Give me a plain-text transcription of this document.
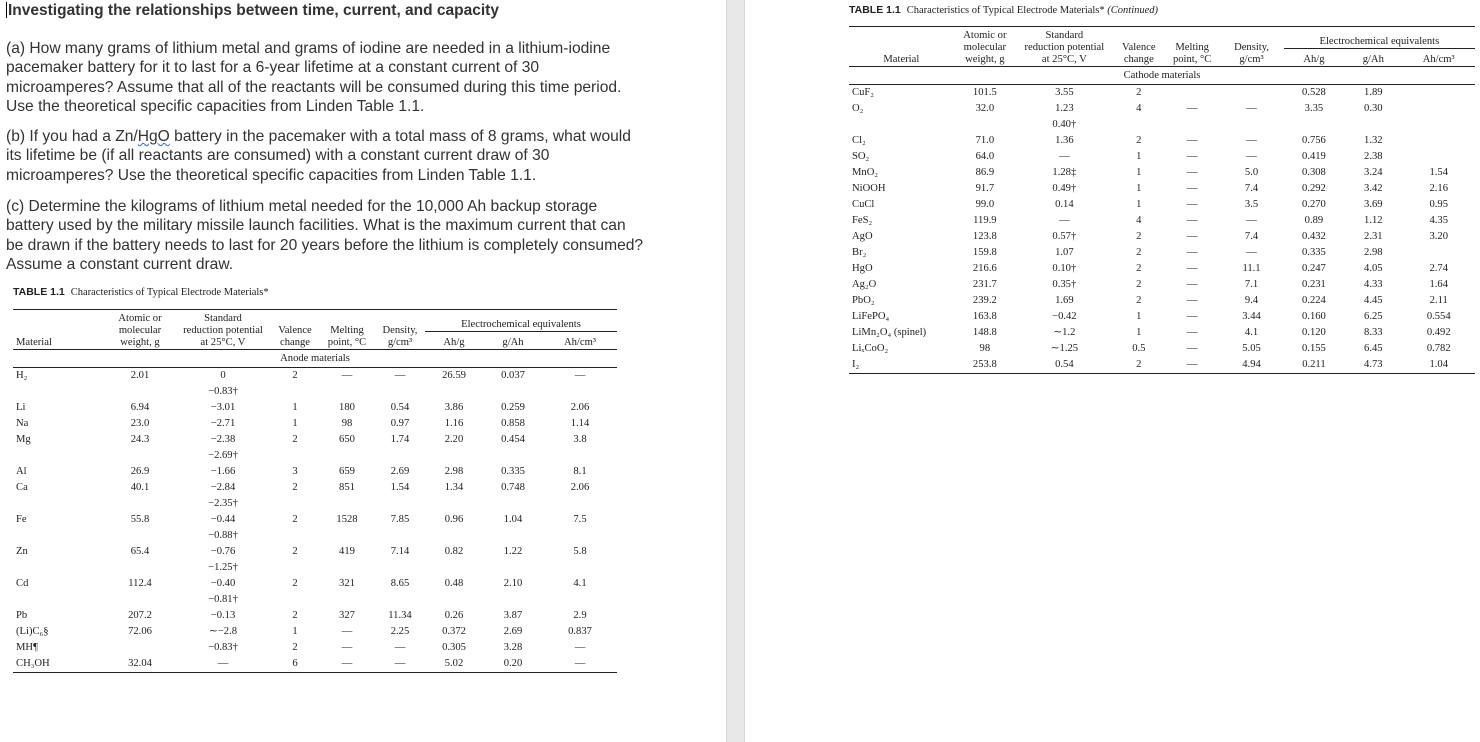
Investigating the relationships between time, current, and capacity

(a) How many grams of lithium metal and grams of iodine are needed in a lithium-iodine pacemaker battery for it to last for a 6-year lifetime at a constant current of 30 microamperes? Assume that all of the reactants will be consumed during this time period. Use the theoretical specific capacities from Linden Table 1.1.

(b) If you had a Zn/HgO battery in the pacemaker with a total mass of 8 grams, what would its lifetime be (if all reactants are consumed) with a constant current draw of 30 microamperes? Use the theoretical specific capacities from Linden Table 1.1.

(c) Determine the kilograms of lithium metal needed for the 10,000 Ah backup storage battery used by the military missile launch facilities. What is the maximum current that can be drawn if the battery needs to last for 20 years before the lithium is completely consumed? Assume a constant current draw.

TABLE 1.1 Characteristics of Typical Electrode Materials*
Material	Atomic or
molecular
weight, g	Standard
reduction potential
at 25°C, V	Valence
change	Melting
point, °C	Density,
g/cm³	Electrochemical equivalents		
						Ah/g	g/Ah	Ah/cm³
Anode materials								
H₂	2.01	0	2	—	—	26.59	0.037	—
		−0.83†						
Li	6.94	−3.01	1	180	0.54	3.86	0.259	2.06
Na	23.0	−2.71	1	98	0.97	1.16	0.858	1.14
Mg	24.3	−2.38	2	650	1.74	2.20	0.454	3.8
		−2.69†						
Al	26.9	−1.66	3	659	2.69	2.98	0.335	8.1
Ca	40.1	−2.84	2	851	1.54	1.34	0.748	2.06
		−2.35†						
Fe	55.8	−0.44	2	1528	7.85	0.96	1.04	7.5
		−0.88†						
Zn	65.4	−0.76	2	419	7.14	0.82	1.22	5.8
		−1.25†						
Cd	112.4	−0.40	2	321	8.65	0.48	2.10	4.1
		−0.81†						
Pb	207.2	−0.13	2	327	11.34	0.26	3.87	2.9
(Li)C₆§	72.06	∼−2.8	1	—	2.25	0.372	2.69	0.837
MH¶		−0.83†	2	—	—	0.305	3.28	—
CH₃OH	32.04	—	6	—	—	5.02	0.20	—
TABLE 1.1 Characteristics of Typical Electrode Materials* (Continued)
Material	Atomic or
molecular
weight, g	Standard
reduction potential
at 25°C, V	Valence
change	Melting
point, °C	Density,
g/cm³	Electrochemical equivalents		
						Ah/g	g/Ah	Ah/cm³
Cathode materials								
CuF₂	101.5	3.55	2			0.528	1.89	
O₂	32.0	1.23	4	—	—	3.35	0.30	
		0.40†						
Cl₂	71.0	1.36	2	—	—	0.756	1.32	
SO₂	64.0	—	1	—	—	0.419	2.38	
MnO₂	86.9	1.28‡	1	—	5.0	0.308	3.24	1.54
NiOOH	91.7	0.49†	1	—	7.4	0.292	3.42	2.16
CuCl	99.0	0.14	1	—	3.5	0.270	3.69	0.95
FeS₂	119.9	—	4	—	—	0.89	1.12	4.35
AgO	123.8	0.57†	2	—	7.4	0.432	2.31	3.20
Br₂	159.8	1.07	2	—	—	0.335	2.98	
HgO	216.6	0.10†	2	—	11.1	0.247	4.05	2.74
Ag₂O	231.7	0.35†	2	—	7.1	0.231	4.33	1.64
PbO₂	239.2	1.69	2	—	9.4	0.224	4.45	2.11
LiFePO₄	163.8	−0.42	1	—	3.44	0.160	6.25	0.554
LiMn₂O₄ (spinel)	148.8	∼1.2	1	—	4.1	0.120	8.33	0.492
LiₓCoO₂	98	∼1.25	0.5	—	5.05	0.155	6.45	0.782
I₂	253.8	0.54	2	—	4.94	0.211	4.73	1.04
